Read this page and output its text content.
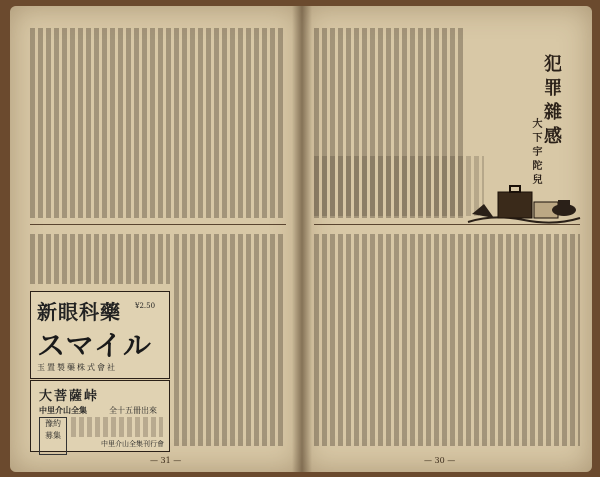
新眼科藥 ¥2.50
スマイル
玉置製藥株式會社
大菩薩峠
中里介山全集	全十五冊出來
豫約
募集
中里介山全集刊行會
— 31 —
犯罪雜感
大下宇陀兒
— 30 —
